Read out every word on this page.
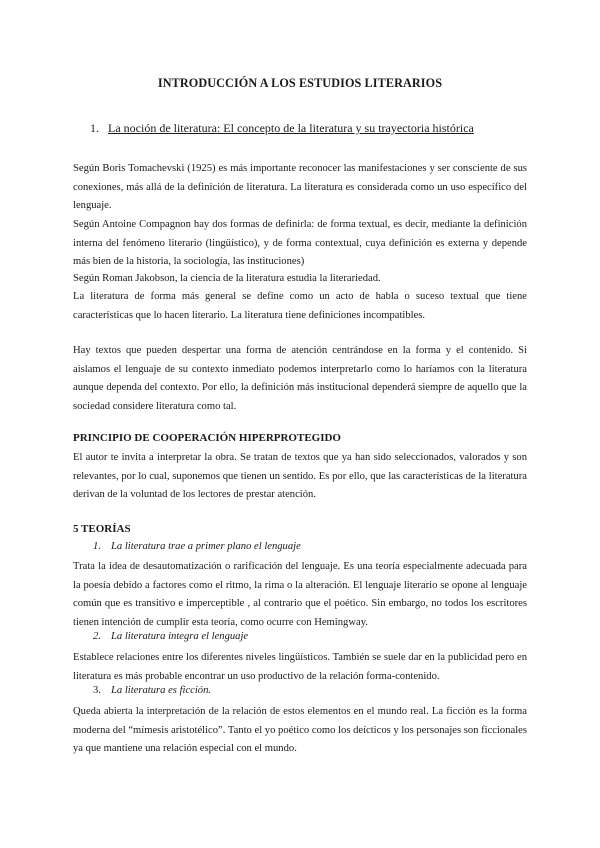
INTRODUCCIÓN A LOS ESTUDIOS LITERARIOS
1. La noción de literatura: El concepto de la literatura y su trayectoria histórica

Según Boris Tomachevski (1925) es más importante reconocer las manifestaciones y ser consciente de sus conexiones, más allá de la definición de literatura. La literatura es considerada como un uso específico del lenguaje.

Según Antoine Compagnon hay dos formas de definirla: de forma textual, es decir, mediante la definición interna del fenómeno literario (lingüístico), y de forma contextual, cuya definición es externa y depende más bien de la historia, la sociología, las instituciones)

Según Roman Jakobson, la ciencia de la literatura estudia la literariedad.

La literatura de forma más general se define como un acto de habla o suceso textual que tiene características que lo hacen literario. La literatura tiene definiciones incompatibles.

Hay textos que pueden despertar una forma de atención centrándose en la forma y el contenido. Si aislamos el lenguaje de su contexto inmediato podemos interpretarlo como lo haríamos con la literatura aunque dependa del contexto. Por ello, la definición más institucional dependerá siempre de aquello que la sociedad considere literatura como tal.

PRINCIPIO DE COOPERACIÓN HIPERPROTEGIDO

El autor te invita a interpretar la obra. Se tratan de textos que ya han sido seleccionados, valorados y son relevantes, por lo cual, suponemos que tienen un sentido. Es por ello, que las características de la literatura derivan de la voluntad de los lectores de prestar atención.

5 TEORÍAS
1. La literatura trae a primer plano el lenguaje

Trata la idea de desautomatización o rarificación del lenguaje. Es una teoría especialmente adecuada para la poesía debido a factores como el ritmo, la rima o la alteración. El lenguaje literario se opone al lenguaje común que es transitivo e imperceptible , al contrario que el poético. Sin embargo, no todos los escritores tienen intención de cumplir esta teoría, como ocurre con Hemingway.

2. La literatura integra el lenguaje

Establece relaciones entre los diferentes niveles lingüísticos. También se suele dar en la publicidad pero en literatura es más probable encontrar un uso productivo de la relación forma-contenido.

3. La literatura es ficción.

Queda abierta la interpretación de la relación de estos elementos en el mundo real. La ficción es la forma moderna del “mímesis aristotélico”. Tanto el yo poético como los deícticos y los personajes son ficcionales ya que mantiene una relación especial con el mundo.
